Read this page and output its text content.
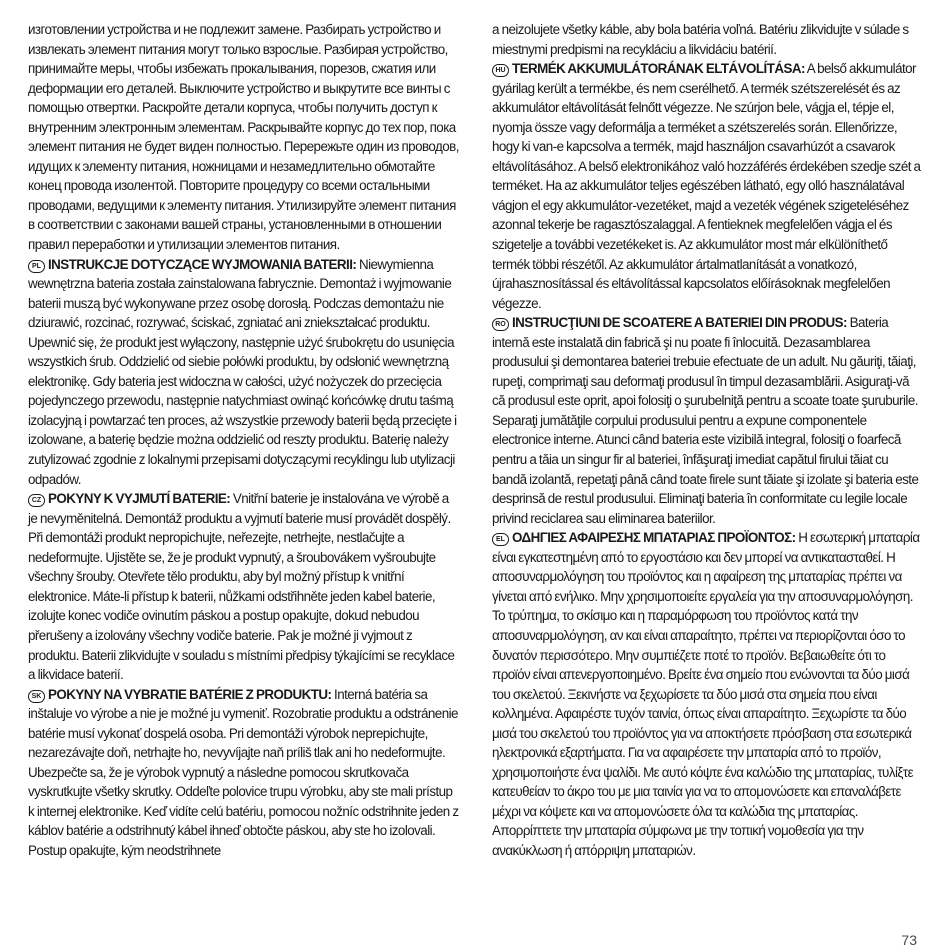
изготовлении устройства и не подлежит замене. Разбирать устройство и извлекать элемент питания могут только взрослые. Разбирая устройство, принимайте меры, чтобы избежать прокалывания, порезов, сжатия или деформации его деталей. Выключите устройство и выкрутите все винты с помощью отвертки. Раскройте детали корпуса, чтобы получить доступ к внутренним электронным элементам. Раскрывайте корпус до тех пор, пока элемент питания не будет виден полностью. Перережьте один из проводов, идущих к элементу питания, ножницами и незамедлительно обмотайте конец провода изолентой. Повторите процедуру со всеми остальными проводами, ведущими к элементу питания. Утилизируйте элемент питания в соответствии с законами вашей страны, установленными в отношении правил переработки и утилизации элементов питания.

PL INSTRUKCJE DOTYCZĄCE WYJMOWANIA BATERII: Niewymienna wewnętrzna bateria została zainstalowana fabrycznie. Demontaż i wyjmowanie baterii muszą być wykonywane przez osobę dorosłą. Podczas demontażu nie dziurawić, rozcinać, rozrywać, ściskać, zgniatać ani zniekształcać produktu. Upewnić się, że produkt jest wyłączony, następnie użyć śrubokrętu do usunięcia wszystkich śrub. Oddzielić od siebie połówki produktu, by odsłonić wewnętrzną elektronikę. Gdy bateria jest widoczna w całości, użyć nożyczek do przecięcia pojedynczego przewodu, następnie natychmiast owinąć końcówkę drutu taśmą izolacyjną i powtarzać ten proces, aż wszystkie przewody baterii będą przecięte i izolowane, a baterię będzie można oddzielić od reszty produktu. Baterię należy zutylizować zgodnie z lokalnymi przepisami dotyczącymi recyklingu lub utylizacji odpadów.

CZ POKYNY K VYJMUTÍ BATERIE: Vnitřní baterie je instalována ve výrobě a je nevyměnitelná. Demontáž produktu a vyjmutí baterie musí provádět dospělý. Při demontáži produkt nepropichujte, neřezejte, netrhejte, nestlačujte a nedeformujte. Ujistěte se, že je produkt vypnutý, a šroubovákem vyšroubujte všechny šrouby. Otevřete tělo produktu, aby byl možný přístup k vnitřní elektronice. Máte-li přístup k baterii, nůžkami odstřihněte jeden kabel baterie, izolujte konec vodiče ovinutím páskou a postup opakujte, dokud nebudou přerušeny a izolovány všechny vodiče baterie. Pak je možné ji vyjmout z produktu. Baterii zlikvidujte v souladu s místními předpisy týkajícími se recyklace a likvidace baterií.

SK POKYNY NA VYBRATIE BATÉRIE Z PRODUKTU: Interná batéria sa inštaluje vo výrobe a nie je možné ju vymeniť. Rozobratie produktu a odstránenie batérie musí vykonať dospelá osoba. Pri demontáži výrobok neprepichujte, nezarezávajte doň, netrhajte ho, nevyvíjajte naň príliš tlak ani ho nedeformujte. Ubezpečte sa, že je výrobok vypnutý a následne pomocou skrutkovača vyskrutkujte všetky skrutky. Oddeľte polovice trupu výrobku, aby ste mali prístup k internej elektronike. Keď vidíte celú batériu, pomocou nožníc odstrihnite jeden z káblov batérie a odstrihnutý kábel ihneď obtočte páskou, aby ste ho izolovali. Postup opakujte, kým neodstrihnete

a neizolujete všetky káble, aby bola batéria voľná. Batériu zlikvidujte v súlade s miestnymi predpismi na recykláciu a likvidáciu batérií.

HU TERMÉK AKKUMULÁTORÁNAK ELTÁVOLÍTÁSA: A belső akkumulátor gyárilag került a termékbe, és nem cserélhető. A termék szétszerelését és az akkumulátor eltávolítását felnőtt végezze. Ne szúrjon bele, vágja el, tépje el, nyomja össze vagy deformálja a terméket a szétszerelés során. Ellenőrizze, hogy ki van-e kapcsolva a termék, majd használjon csavarhúzót a csavarok eltávolításához. A belső elektronikához való hozzáférés érdekében szedje szét a terméket. Ha az akkumulátor teljes egészében látható, egy olló használatával vágjon el egy akkumulátor-vezetéket, majd a vezeték végének szigeteléséhez azonnal tekerje be ragasztószalaggal. A fentieknek megfelelően vágja el és szigetelje a további vezetékeket is. Az akkumulátor most már elkülöníthető termék többi részétől. Az akkumulátor ártalmatlanítását a vonatkozó, újrahasznosítással és eltávolítással kapcsolatos előírásoknak megfelelően végezze.

RO INSTRUCŢIUNI DE SCOATERE A BATERIEI DIN PRODUS: Bateria internă este instalată din fabrică şi nu poate fi înlocuită. Dezasamblarea produsului şi demontarea bateriei trebuie efectuate de un adult. Nu găuriţi, tăiaţi, rupeţi, comprimaţi sau deformaţi produsul în timpul dezasamblării. Asiguraţi-vă că produsul este oprit, apoi folosiţi o şurubelniţă pentru a scoate toate şuruburile. Separaţi jumătăţile corpului produsului pentru a expune componentele electronice interne. Atunci când bateria este vizibilă integral, folosiţi o foarfecă pentru a tăia un singur fir al bateriei, înfăşuraţi imediat capătul firului tăiat cu bandă izolantă, repetaţi până când toate firele sunt tăiate şi izolate şi bateria este desprinsă de restul produsului. Eliminaţi bateria în conformitate cu legile locale privind reciclarea sau eliminarea bateriilor.

EL ΟΔΗΓΙΕΣ ΑΦΑΙΡΕΣΗΣ ΜΠΑΤΑΡΙΑΣ ΠΡΟΪΟΝΤΟΣ: Η εσωτερική μπαταρία είναι εγκατεστημένη από το εργοστάσιο και δεν μπορεί να αντικατασταθεί. Η αποσυναρμολόγηση του προϊόντος και η αφαίρεση της μπαταρίας πρέπει να γίνεται από ενήλικο. Μην χρησιμοποιείτε εργαλεία για την αποσυναρμολόγηση. Το τρύπημα, το σκίσιμο και η παραμόρφωση του προϊόντος κατά την αποσυναρμολόγηση, αν και είναι απαραίτητο, πρέπει να περιορίζονται όσο το δυνατόν περισσότερο. Μην συμπιέζετε ποτέ το προϊόν. Βεβαιωθείτε ότι το προϊόν είναι απενεργοποιημένο. Βρείτε ένα σημείο που ενώνονται τα δύο μισά του σκελετού. Ξεκινήστε να ξεχωρίσετε τα δύο μισά στα σημεία που είναι κολλημένα. Αφαιρέστε τυχόν ταινία, όπως είναι απαραίτητο. Ξεχωρίστε τα δύο μισά του σκελετού του προϊόντος για να αποκτήσετε πρόσβαση στα εσωτερικά ηλεκτρονικά εξαρτήματα. Για να αφαιρέσετε την μπαταρία από το προϊόν, χρησιμοποιήστε ένα ψαλίδι. Με αυτό κόψτε ένα καλώδιο της μπαταρίας, τυλίξτε κατευθείαν το άκρο του με μια ταινία για να το απομονώσετε και επαναλάβετε μέχρι να κόψετε και να απομονώσετε όλα τα καλώδια της μπαταρίας. Απορρίπτετε την μπαταρία σύμφωνα με την τοπική νομοθεσία για την ανακύκλωση ή απόρριψη μπαταριών.

73
